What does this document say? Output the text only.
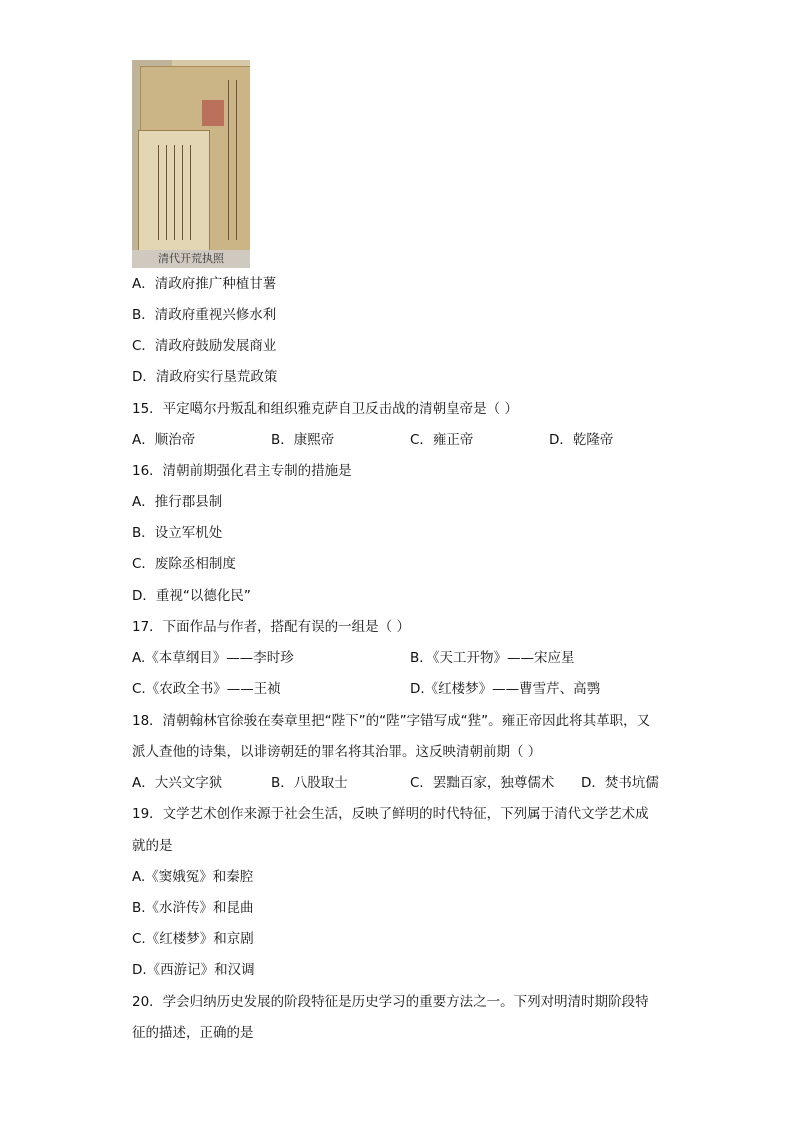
清代开荒执照
A．清政府推广种植甘薯
B．清政府重视兴修水利
C．清政府鼓励发展商业
D．清政府实行垦荒政策
15．平定噶尔丹叛乱和组织雅克萨自卫反击战的清朝皇帝是（ ）
A．顺治帝	B．康熙帝	C．雍正帝	D．乾隆帝
16．清朝前期强化君主专制的措施是
A．推行郡县制
B．设立军机处
C．废除丞相制度
D．重视“以德化民”
17．下面作品与作者，搭配有误的一组是（ ）
A.《本草纲目》——李时珍	B．《天工开物》——宋应星
C.《农政全书》——王祯	D.《红楼梦》——曹雪芹、高鹗
18．清朝翰林官徐骏在奏章里把“陛下”的“陛”字错写成“狴”。雍正帝因此将其革职，又
派人查他的诗集，以诽谤朝廷的罪名将其治罪。这反映清朝前期（ ）
A．大兴文字狱	B．八股取士	C．罢黜百家，独尊儒术 D．焚书坑儒
19．文学艺术创作来源于社会生活，反映了鲜明的时代特征，下列属于清代文学艺术成
就的是
A.《窦娥冤》和秦腔
B.《水浒传》和昆曲
C.《红楼梦》和京剧
D.《西游记》和汉调
20．学会归纳历史发展的阶段特征是历史学习的重要方法之一。下列对明清时期阶段特
征的描述，正确的是
